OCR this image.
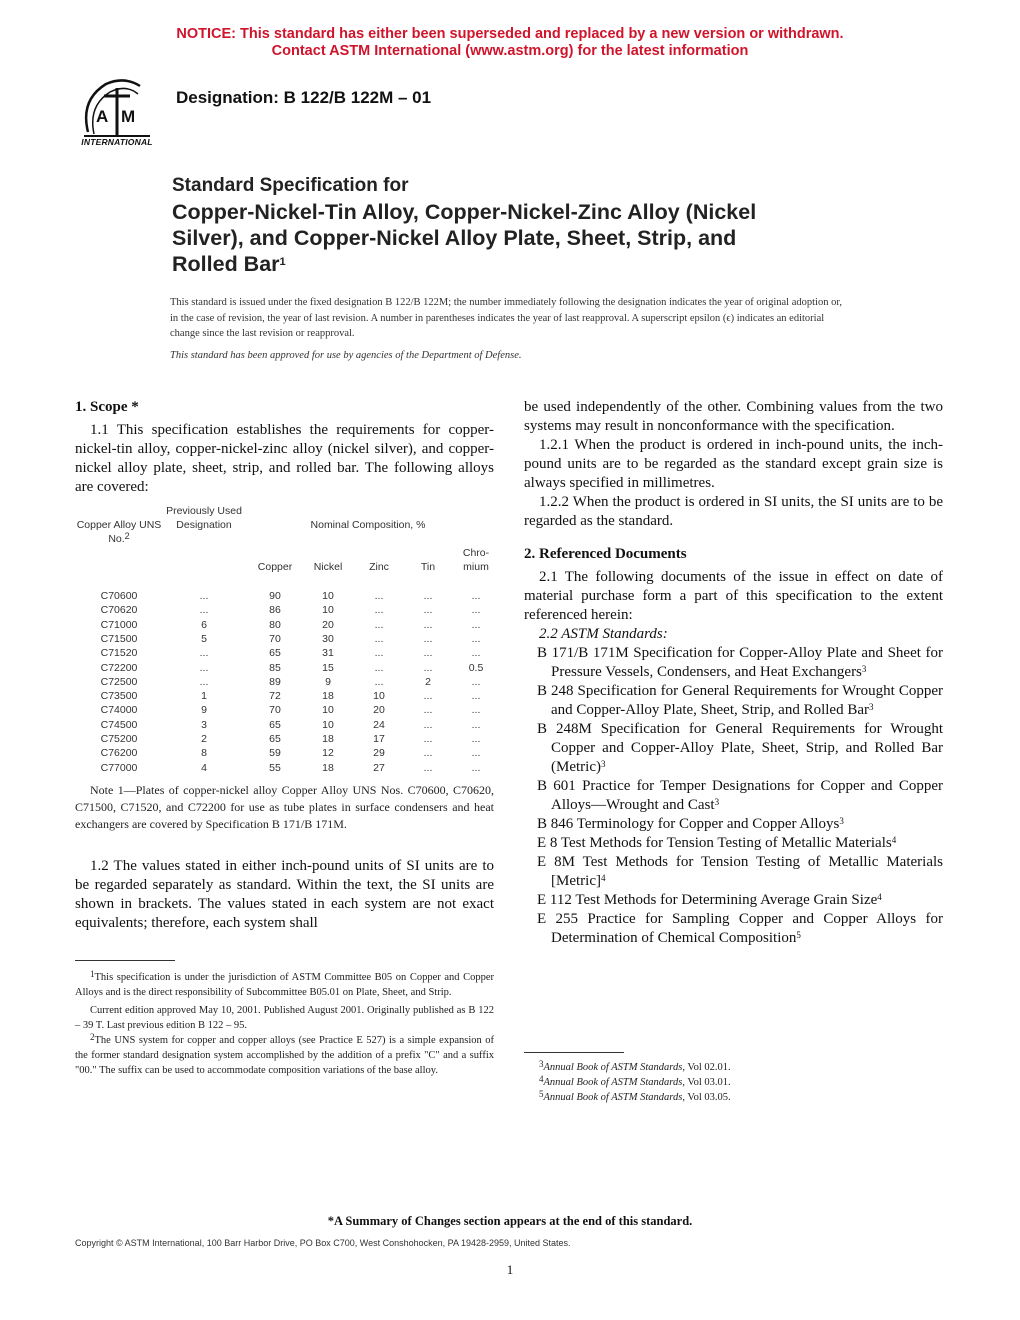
NOTICE: This standard has either been superseded and replaced by a new version or withdrawn.
Contact ASTM International (www.astm.org) for the latest information
A M
INTERNATIONAL
Designation: B 122/B 122M – 01
Standard Specification for
Copper-Nickel-Tin Alloy, Copper-Nickel-Zinc Alloy (Nickel
Silver), and Copper-Nickel Alloy Plate, Sheet, Strip, and
Rolled Bar$^1$
This standard is issued under the fixed designation B 122/B 122M; the number immediately following the designation indicates the year of original adoption or, in the case of revision, the year of last revision. A number in parentheses indicates the year of last reapproval. A superscript epsilon (ϵ) indicates an editorial change since the last revision or reapproval.
This standard has been approved for use by agencies of the Department of Defense.
1. Scope *
1.1 This specification establishes the requirements for copper-nickel-tin alloy, copper-nickel-zinc alloy (nickel silver), and copper-nickel alloy plate, sheet, strip, and rolled bar. The following alloys are covered:
Copper Alloy UNS No.$^2$
Previously Used Designation	Nominal Composition, %
Chro-mium
Copper	Nickel	Zinc	Tin
C70600	...	90	10	...	...	...
C70620	...	86	10	...	...	...
C71000	6	80	20	...	...	...
C71500	5	70	30	...	...	...
C71520	...	65	31	...	...	...
C72200	...	85	15	...	...	0.5
C72500	...	89	9	...	2	...
C73500	1	72	18	10	...	...
C74000	9	70	10	20	...	...
C74500	3	65	10	24	...	...
C75200	2	65	18	17	...	...
C76200	8	59	12	29	...	...
C77000	4	55	18	27	...	...
Note 1—Plates of copper-nickel alloy Copper Alloy UNS Nos. C70600, C70620, C71500, C71520, and C72200 for use as tube plates in surface condensers and heat exchangers are covered by Specification B 171/B 171M.
1.2 The values stated in either inch-pound units of SI units are to be regarded separately as standard. Within the text, the SI units are shown in brackets. The values stated in each system are not exact equivalents; therefore, each system shall
$^1$This specification is under the jurisdiction of ASTM Committee B05 on Copper and Copper Alloys and is the direct responsibility of Subcommittee B05.01 on Plate, Sheet, and Strip.
Current edition approved May 10, 2001. Published August 2001. Originally published as B 122 – 39 T. Last previous edition B 122 – 95.
$^2$The UNS system for copper and copper alloys (see Practice E 527) is a simple expansion of the former standard designation system accomplished by the addition of a prefix "C" and a suffix "00." The suffix can be used to accommodate composition variations of the base alloy.
be used independently of the other. Combining values from the two systems may result in nonconformance with the specification.
1.2.1 When the product is ordered in inch-pound units, the inch-pound units are to be regarded as the standard except grain size is always specified in millimetres.
1.2.2 When the product is ordered in SI units, the SI units are to be regarded as the standard.
2. Referenced Documents
2.1 The following documents of the issue in effect on date of material purchase form a part of this specification to the extent referenced herein:
2.2 ASTM Standards:
B 171/B 171M Specification for Copper-Alloy Plate and Sheet for Pressure Vessels, Condensers, and Heat Exchangers$^3$
B 248 Specification for General Requirements for Wrought Copper and Copper-Alloy Plate, Sheet, Strip, and Rolled Bar$^3$
B 248M Specification for General Requirements for Wrought Copper and Copper-Alloy Plate, Sheet, Strip, and Rolled Bar (Metric)$^3$
B 601 Practice for Temper Designations for Copper and Copper Alloys—Wrought and Cast$^3$
B 846 Terminology for Copper and Copper Alloys$^3$
E 8 Test Methods for Tension Testing of Metallic Materials$^4$
E 8M Test Methods for Tension Testing of Metallic Materials [Metric]$^4$
E 112 Test Methods for Determining Average Grain Size$^4$
E 255 Practice for Sampling Copper and Copper Alloys for Determination of Chemical Composition$^5$
$^3$Annual Book of ASTM Standards, Vol 02.01.
$^4$Annual Book of ASTM Standards, Vol 03.01.
$^5$Annual Book of ASTM Standards, Vol 03.05.
*A Summary of Changes section appears at the end of this standard.
Copyright © ASTM International, 100 Barr Harbor Drive, PO Box C700, West Conshohocken, PA 19428-2959, United States.
1
